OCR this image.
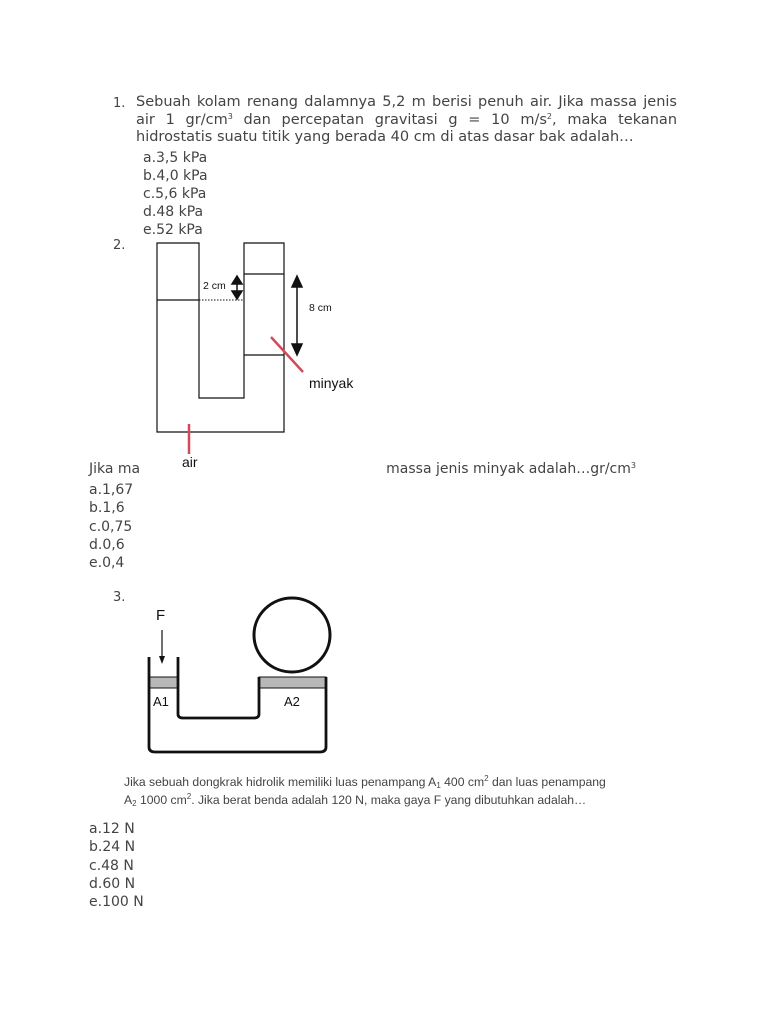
1. Sebuah kolam renang dalamnya 5,2 m berisi penuh air. Jika massa jenis air 1 $gr/cm^3$ dan percepatan gravitasi g = 10 $m/s^2$, maka tekanan hidrostatis suatu titik yang berada 40 cm di atas dasar bak adalah…
a.3,5 kPa
b.4,0 kPa
c.5,6 kPa
d.48 kPa
e.52 kPa
2.
2 cm
8 cm
minyak
air
Jika ma	massa jenis minyak $adalah\dots gr/cm^3$
a.1,67
b.1,6
c.0,75
d.0,6
e.0,4
3.
F
A1	A2
Jika sebuah dongkrak hidrolik memiliki luas penampang $A_1$ 400 $cm^2$ dan luas penampang
$A_2$ 1000 $cm^2$. Jika berat benda adalah 120 N, maka gaya F yang dibutuhkan adalah…
a.12 N
b.24 N
c.48 N
d.60 N
e.100 N
